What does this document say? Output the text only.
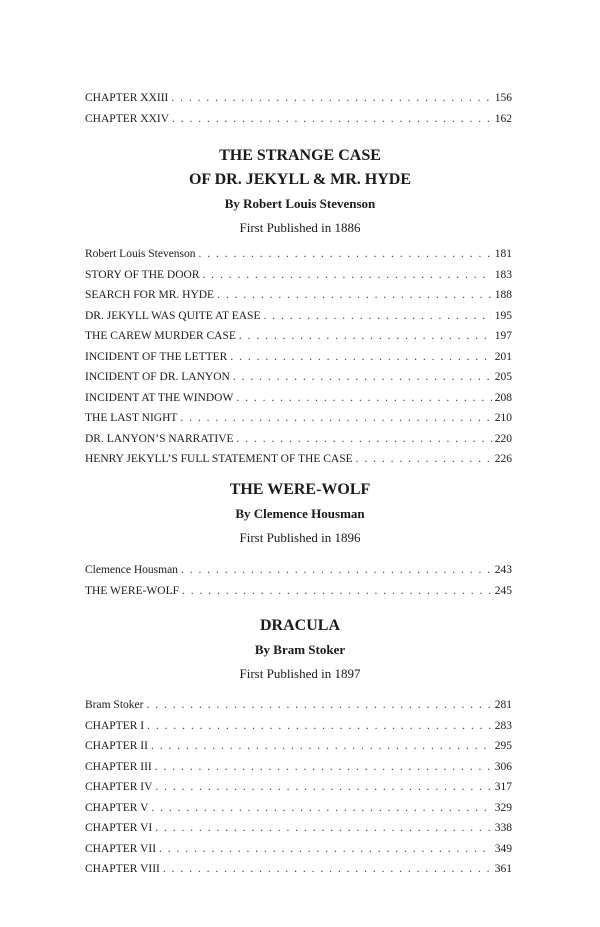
CHAPTER XXIII . . .	156
CHAPTER XXIV . . .	162
THE STRANGE CASE
OF DR. JEKYLL & MR. HYDE
By Robert Louis Stevenson
First Published in 1886
Robert Louis Stevenson . . .	181
STORY OF THE DOOR . . .	183
SEARCH FOR MR. HYDE . . .	188
DR. JEKYLL WAS QUITE AT EASE . . .	195
THE CAREW MURDER CASE . . .	197
INCIDENT OF THE LETTER . . .	201
INCIDENT OF DR. LANYON . . .	205
INCIDENT AT THE WINDOW . . .	208
THE LAST NIGHT . . .	210
DR. LANYON’S NARRATIVE . . .	220
HENRY JEKYLL’S FULL STATEMENT OF THE CASE . . .	226
THE WERE-WOLF
By Clemence Housman
First Published in 1896
Clemence Housman . . .	243
THE WERE-WOLF . . .	245
DRACULA
By Bram Stoker
First Published in 1897
Bram Stoker . . .	281
CHAPTER I . . .	283
CHAPTER II . . .	295
CHAPTER III . . .	306
CHAPTER IV . . .	317
CHAPTER V . . .	329
CHAPTER VI . . .	338
CHAPTER VII . . .	349
CHAPTER VIII . . .	361
